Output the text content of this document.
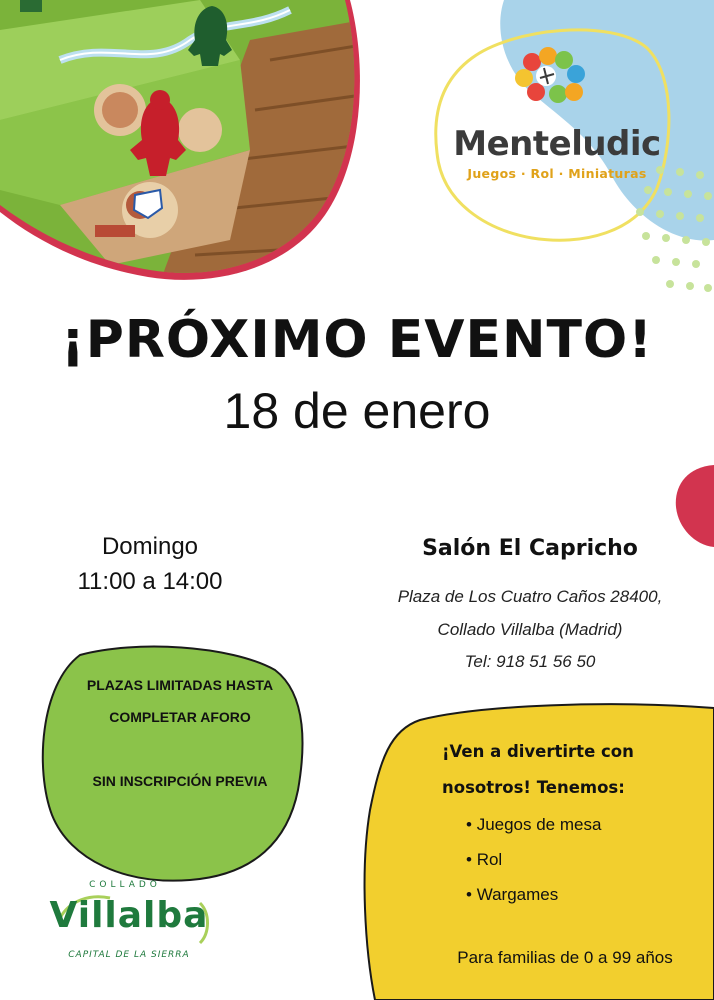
Menteludic
Juegos · Rol · Miniaturas
¡PRÓXIMO EVENTO!
18 de enero
Domingo
11:00 a 14:00
Salón El Capricho
Plaza de Los Cuatro Caños 28400,
Collado Villalba (Madrid)
Tel: 918 51 56 50
PLAZAS LIMITADAS HASTA
COMPLETAR AFORO
SIN INSCRIPCIÓN PREVIA
¡Ven a divertirte con
nosotros! Tenemos:
• Juegos de mesa
• Rol
• Wargames
Para familias de 0 a 99 años
COLLADO
Villalba
CAPITAL DE LA SIERRA
